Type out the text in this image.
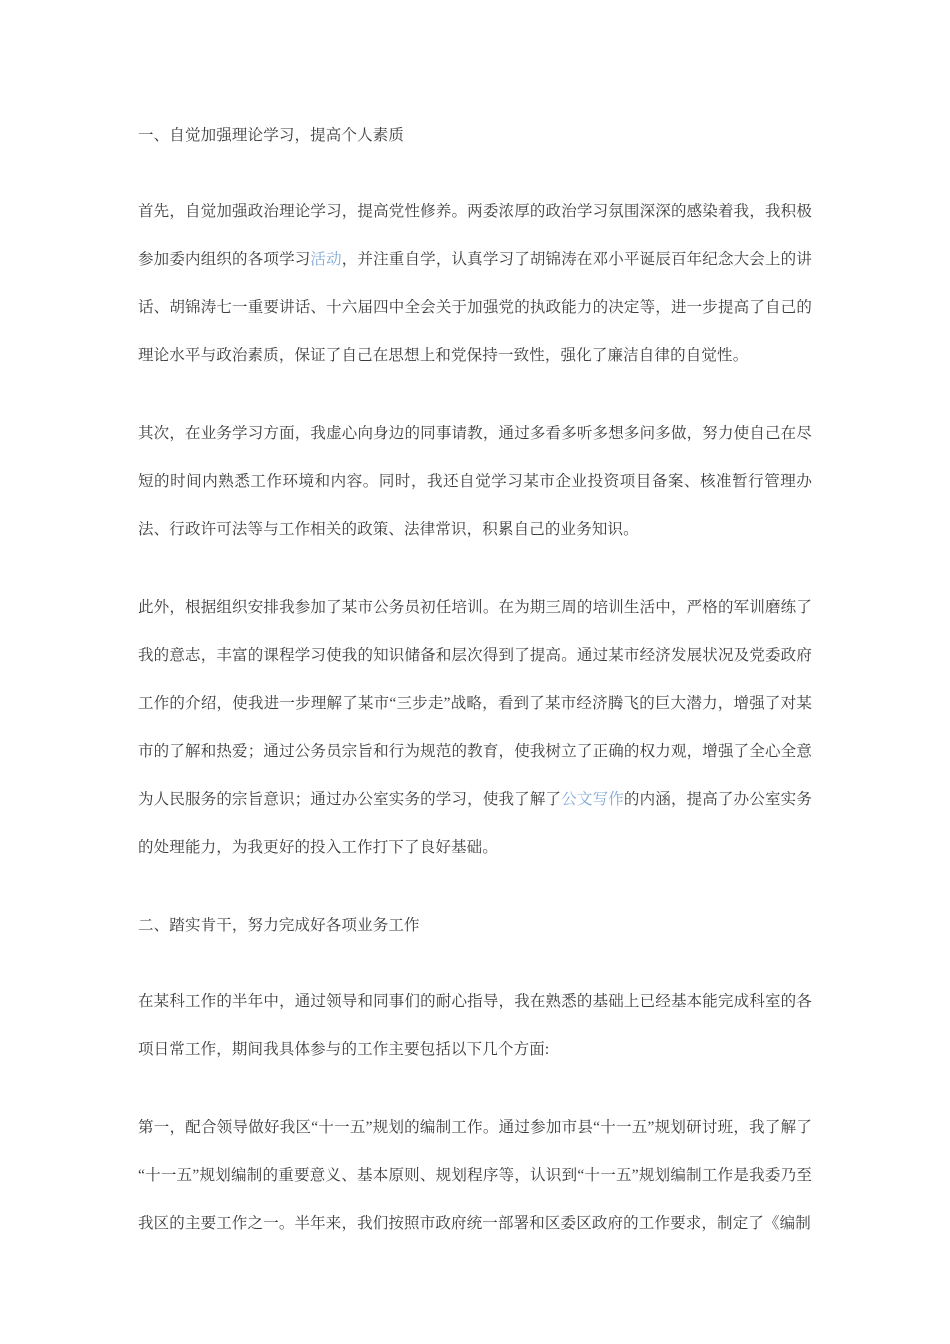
一、自觉加强理论学习，提高个人素质

首先，自觉加强政治理论学习，提高党性修养。两委浓厚的政治学习氛围深深的感染着我，我积极参加委内组织的各项学习活动，并注重自学，认真学习了胡锦涛在邓小平诞辰百年纪念大会上的讲话、胡锦涛七一重要讲话、十六届四中全会关于加强党的执政能力的决定等，进一步提高了自己的理论水平与政治素质，保证了自己在思想上和党保持一致性，强化了廉洁自律的自觉性。

其次，在业务学习方面，我虚心向身边的同事请教，通过多看多听多想多问多做，努力使自己在尽短的时间内熟悉工作环境和内容。同时，我还自觉学习某市企业投资项目备案、核准暂行管理办法、行政许可法等与工作相关的政策、法律常识，积累自己的业务知识。

此外，根据组织安排我参加了某市公务员初任培训。在为期三周的培训生活中，严格的军训磨练了我的意志，丰富的课程学习使我的知识储备和层次得到了提高。通过某市经济发展状况及党委政府工作的介绍，使我进一步理解了某市“三步走”战略，看到了某市经济腾飞的巨大潜力，增强了对某市的了解和热爱；通过公务员宗旨和行为规范的教育，使我树立了正确的权力观，增强了全心全意为人民服务的宗旨意识；通过办公室实务的学习，使我了解了公文写作的内涵，提高了办公室实务的处理能力，为我更好的投入工作打下了良好基础。

二、踏实肯干，努力完成好各项业务工作

在某科工作的半年中，通过领导和同事们的耐心指导，我在熟悉的基础上已经基本能完成科室的各项日常工作，期间我具体参与的工作主要包括以下几个方面:

第一，配合领导做好我区“十一五”规划的编制工作。通过参加市县“十一五”规划研讨班，我了解了“十一五”规划编制的重要意义、基本原则、规划程序等，认识到“十一五”规划编制工作是我委乃至我区的主要工作之一。半年来，我们按照市政府统一部署和区委区政府的工作要求，制定了《编制
